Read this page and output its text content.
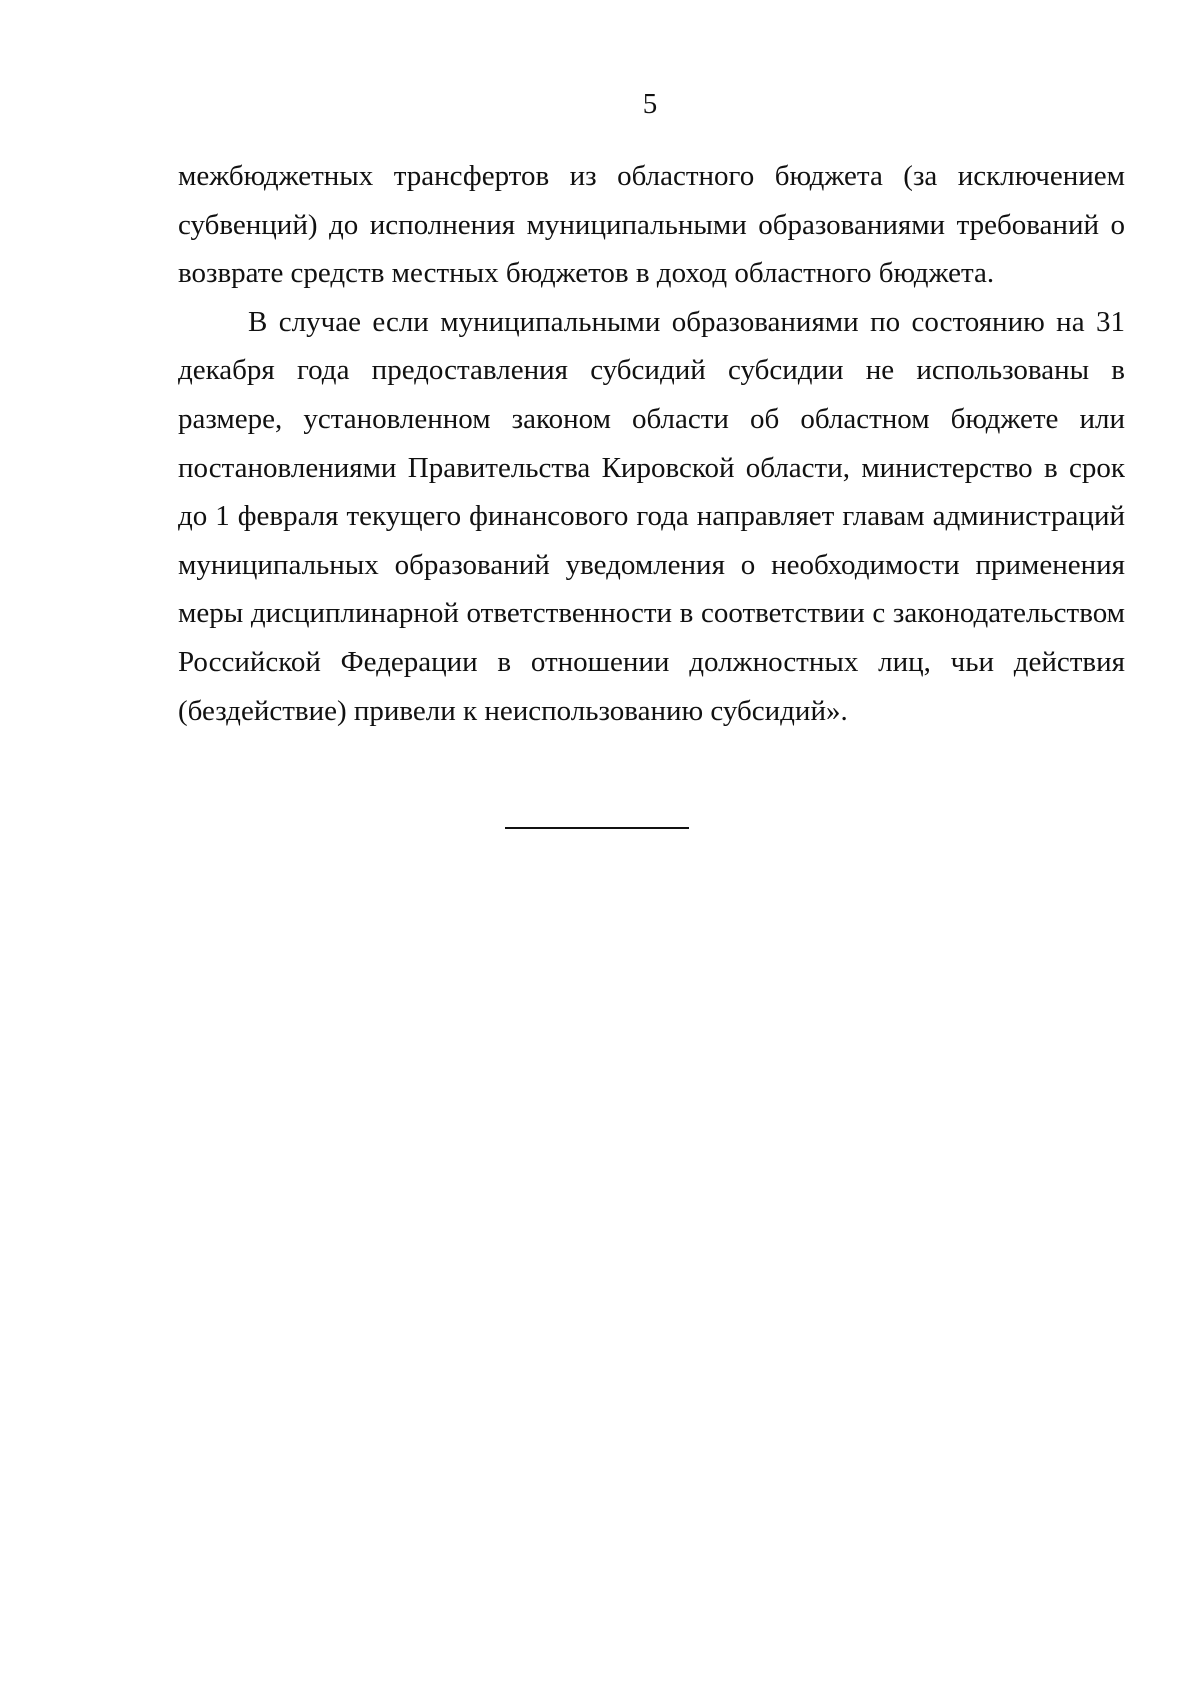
5

межбюджетных трансфертов из областного бюджета (за исключением субвенций) до исполнения муниципальными образованиями требований о возврате средств местных бюджетов в доход областного бюджета.

В случае если муниципальными образованиями по состоянию на 31 декабря года предоставления субсидий субсидии не использованы в размере, установленном законом области об областном бюджете или постановлениями Правительства Кировской области, министерство в срок до 1 февраля текущего финансового года направляет главам администраций муниципальных образований уведомления о необходимости применения меры дисциплинарной ответственности в соответствии с законодательством Российской Федерации в отношении должностных лиц, чьи действия (бездействие) привели к неиспользованию субсидий».
